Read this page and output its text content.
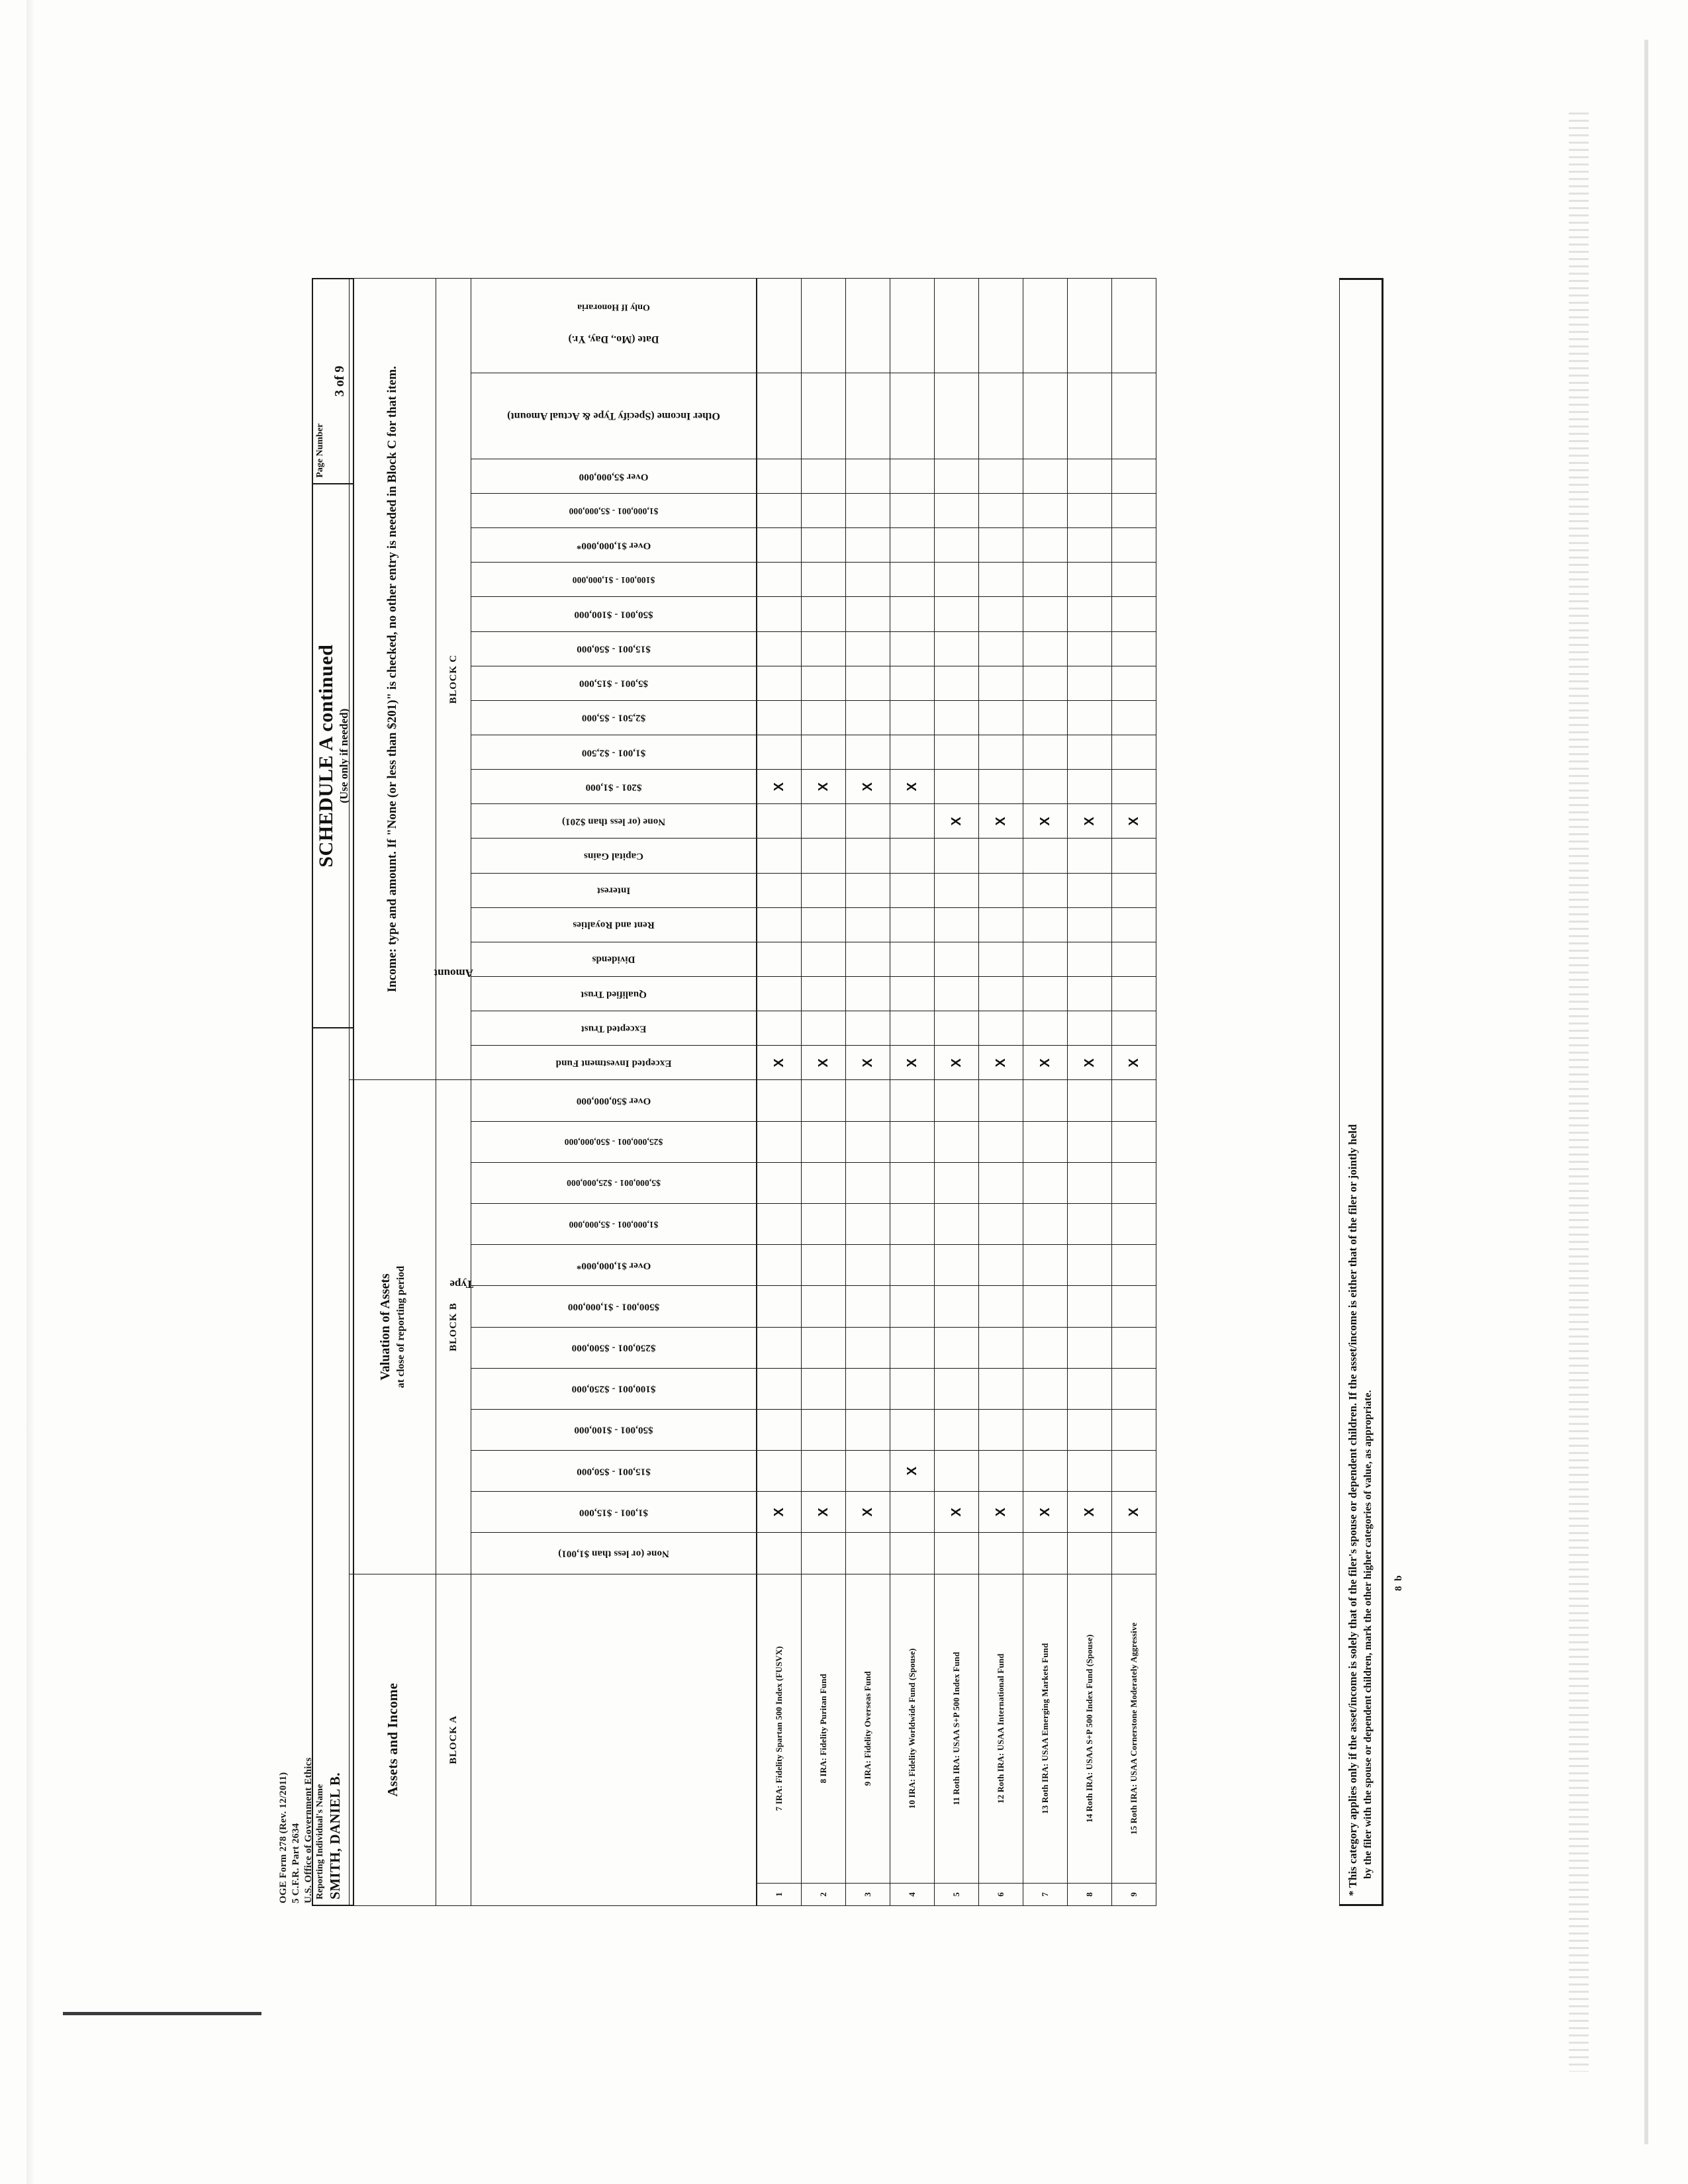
OGE Form 278 (Rev. 12/2011) 5 C.F.R. Part 2634 U.S. Office of Government Ethics Reporting Individual's Name SMITH, DANIEL B.

SCHEDULE A continued (Use only if needed)

Page Number
3 of 9
Assets and Income		Valuation of Assets at close of reporting period												Income: type and amount. If "None (or less than $201)" is checked, no other entry is needed in Block C for that item.																			

BLOCK A		BLOCK B												BLOCK C																			

		None (or less than $1,001)	$1,001 - $15,000	$15,001 - $50,000	$50,001 - $100,000	$100,001 - $250,000	$250,001 - $500,000	$500,001 - $1,000,000	Over $1,000,000*	$1,000,001 - $5,000,000	$5,000,001 - $25,000,000	$25,000,001 - $50,000,000	Over $50,000,000	Excepted Investment Fund	Excepted Trust	Qualified Trust	Dividends	Rent and Royalties	Interest	Capital Gains	None (or less than $201)	$201 - $1,000	$1,001 - $2,500	$2,501 - $5,000	$5,001 - $15,000	$15,001 - $50,000	$50,001 - $100,000	$100,001 - $1,000,000	Over $1,000,000*	$1,000,001 - $5,000,000	Over $5,000,000	Other Income (Specify Type & Actual Amount)	Date (Mo., Day, Yr.)
Only If Honoraria

1	7 IRA: Fidelity Spartan 500 Index (FUSVX)		X											X								X											
2	8 IRA: Fidelity Puritan Fund		X											X								X											
3	9 IRA: Fidelity Overseas Fund		X											X								X											
4	10 IRA: Fidelity Worldwide Fund (Spouse)			X										X								X											
5	11 Roth IRA: USAA S+P 500 Index Fund		X											X							X												
6	12 Roth IRA: USAA International Fund		X											X							X												
7	13 Roth IRA: USAA Emerging Markets Fund		X											X							X												
8	14 Roth IRA: USAA S+P 500 Index Fund (Spouse)		X											X							X												
9	15 Roth IRA: USAA Cornerstone Moderately Aggressive		X											X							X												
Type
Amount
* This category applies only if the asset/income is solely that of the filer's spouse or dependent children. If the asset/income is either that of the filer or jointly held by the filer with the spouse or dependent children, mark the other higher categories of value, as appropriate. 8 b
